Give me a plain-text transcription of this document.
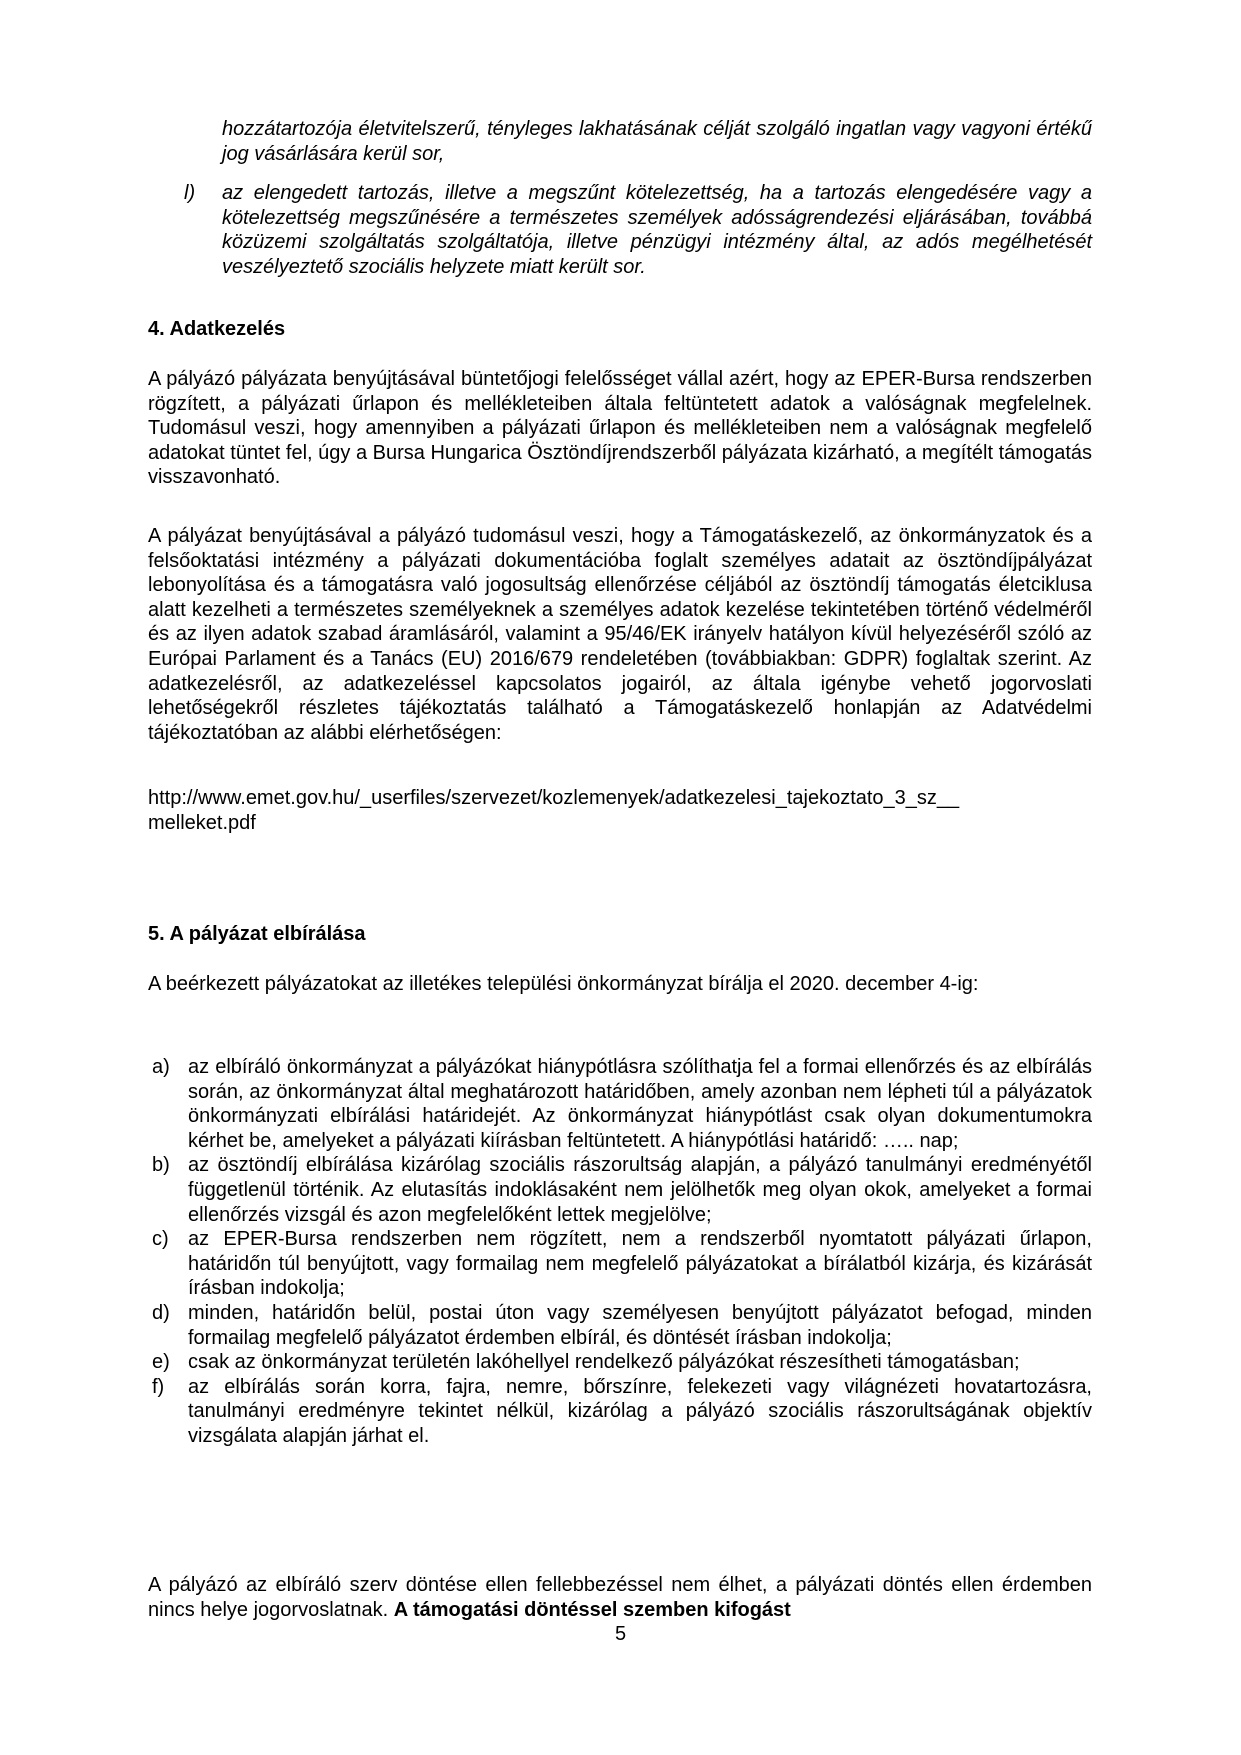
hozzátartozója életvitelszerű, tényleges lakhatásának célját szolgáló ingatlan vagy vagyoni értékű jog vásárlására kerül sor,
l)	az elengedett tartozás, illetve a megszűnt kötelezettség, ha a tartozás elengedésére vagy a kötelezettség megszűnésére a természetes személyek adósságrendezési eljárásában, továbbá közüzemi szolgáltatás szolgáltatója, illetve pénzügyi intézmény által, az adós megélhetését veszélyeztető szociális helyzete miatt került sor.
4. Adatkezelés
A pályázó pályázata benyújtásával büntetőjogi felelősséget vállal azért, hogy az EPER-Bursa rendszerben rögzített, a pályázati űrlapon és mellékleteiben általa feltüntetett adatok a valóságnak megfelelnek. Tudomásul veszi, hogy amennyiben a pályázati űrlapon és mellékleteiben nem a valóságnak megfelelő adatokat tüntet fel, úgy a Bursa Hungarica Ösztöndíjrendszerből pályázata kizárható, a megítélt támogatás visszavonható.
A pályázat benyújtásával a pályázó tudomásul veszi, hogy a Támogatáskezelő, az önkormányzatok és a felsőoktatási intézmény a pályázati dokumentációba foglalt személyes adatait az ösztöndíjpályázat lebonyolítása és a támogatásra való jogosultság ellenőrzése céljából az ösztöndíj támogatás életciklusa alatt kezelheti a természetes személyeknek a személyes adatok kezelése tekintetében történő védelméről és az ilyen adatok szabad áramlásáról, valamint a 95/46/EK irányelv hatályon kívül helyezéséről szóló az Európai Parlament és a Tanács (EU) 2016/679 rendeletében (továbbiakban: GDPR) foglaltak szerint. Az adatkezelésről, az adatkezeléssel kapcsolatos jogairól, az általa igénybe vehető jogorvoslati lehetőségekről részletes tájékoztatás található a Támogatáskezelő honlapján az Adatvédelmi tájékoztatóban az alábbi elérhetőségen:
http://www.emet.gov.hu/_userfiles/szervezet/kozlemenyek/adatkezelesi_tajekoztato_3_sz__
melleket.pdf
5. A pályázat elbírálása
A beérkezett pályázatokat az illetékes települési önkormányzat bírálja el 2020. december 4-ig:
a) az elbíráló önkormányzat a pályázókat hiánypótlásra szólíthatja fel a formai ellenőrzés és az elbírálás során, az önkormányzat által meghatározott határidőben, amely azonban nem lépheti túl a pályázatok önkormányzati elbírálási határidejét. Az önkormányzat hiánypótlást csak olyan dokumentumokra kérhet be, amelyeket a pályázati kiírásban feltüntetett. A hiánypótlási határidő: ….. nap;
b) az ösztöndíj elbírálása kizárólag szociális rászorultság alapján, a pályázó tanulmányi eredményétől függetlenül történik. Az elutasítás indoklásaként nem jelölhetők meg olyan okok, amelyeket a formai ellenőrzés vizsgál és azon megfelelőként lettek megjelölve;
c) az EPER-Bursa rendszerben nem rögzített, nem a rendszerből nyomtatott pályázati űrlapon, határidőn túl benyújtott, vagy formailag nem megfelelő pályázatokat a bírálatból kizárja, és kizárását írásban indokolja;
d) minden, határidőn belül, postai úton vagy személyesen benyújtott pályázatot befogad, minden formailag megfelelő pályázatot érdemben elbírál, és döntését írásban indokolja;
e) csak az önkormányzat területén lakóhellyel rendelkező pályázókat részesítheti támogatásban;
f) az elbírálás során korra, fajra, nemre, bőrszínre, felekezeti vagy világnézeti hovatartozásra, tanulmányi eredményre tekintet nélkül, kizárólag a pályázó szociális rászorultságának objektív vizsgálata alapján járhat el.
A pályázó az elbíráló szerv döntése ellen fellebbezéssel nem élhet, a pályázati döntés ellen érdemben nincs helye jogorvoslatnak. A támogatási döntéssel szemben kifogást
5
